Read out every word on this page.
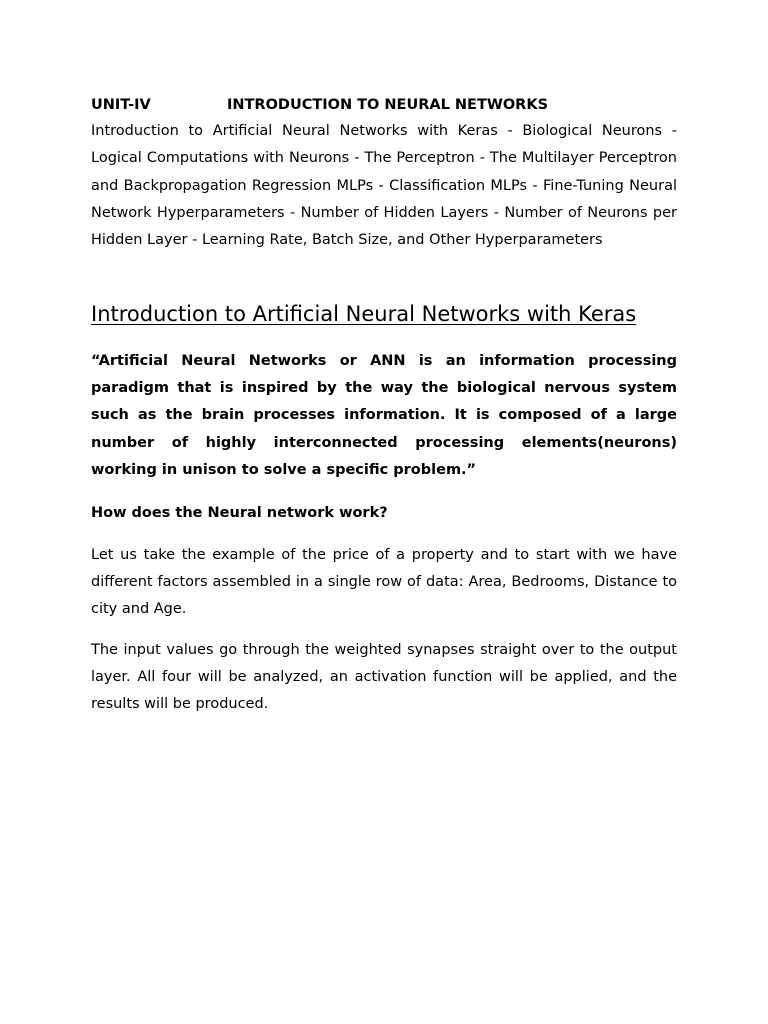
UNIT-IV	INTRODUCTION TO NEURAL NETWORKS
Introduction to Artificial Neural Networks with Keras - Biological Neurons - Logical Computations with Neurons - The Perceptron - The Multilayer Perceptron and Backpropagation Regression MLPs - Classification MLPs - Fine-Tuning Neural Network Hyperparameters - Number of Hidden Layers - Number of Neurons per Hidden Layer - Learning Rate, Batch Size, and Other Hyperparameters
Introduction to Artificial Neural Networks with Keras
“Artificial Neural Networks or ANN is an information processing paradigm that is inspired by the way the biological nervous system such as the brain processes information. It is composed of a large number of highly interconnected processing elements(neurons) working in unison to solve a specific problem.”
How does the Neural network work?

Let us take the example of the price of a property and to start with we have different factors assembled in a single row of data: Area, Bedrooms, Distance to city and Age.

The input values go through the weighted synapses straight over to the output layer. All four will be analyzed, an activation function will be applied, and the results will be produced.
